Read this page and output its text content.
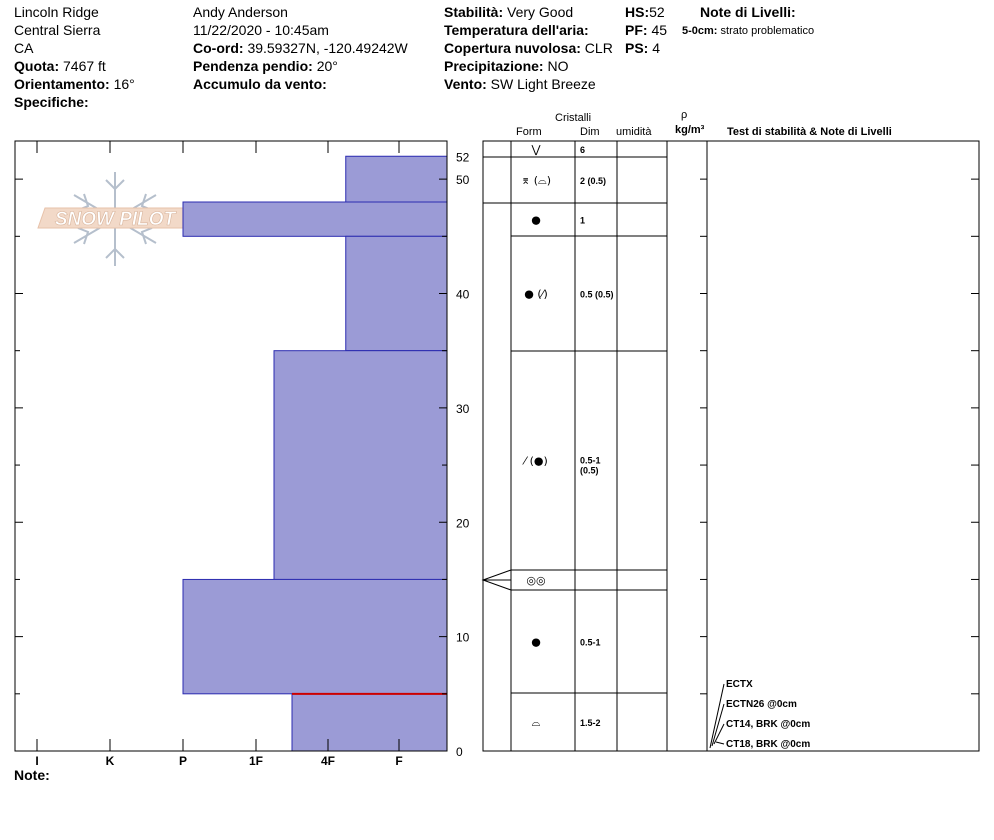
Lincoln Ridge
Central Sierra
CA
Quota: 7467 ft
Orientamento: 16°
Specifiche:
Andy Anderson
11/22/2020 - 10:45am
Co-ord: 39.59327N, -120.49242W
Pendenza pendio: 20°
Accumulo da vento:
Stabilità: Very Good
Temperatura dell'aria:
Copertura nuvolosa: CLR
Precipitazione: NO
Vento: SW Light Breeze
HS:52
PF: 45
PS: 4
Note di Livelli:
5-0cm: strato problematico
Cristalli
Form	Dim umidità
ρ
kg/m³ Test di stabilità & Note di Livelli
SNOW PILOT
0
10
20
30
40
50
52
I	K	P	1F	4F	F
⋁	6
⌆ (⌓)	2 (0.5)
●	1
● (⁄)	0.5 (0.5)
⁄ (●)	0.5-1
(0.5)
◎◎
●	0.5-1
⌓	1.5-2
ECTX
ECTN26 @0cm
CT14, BRK @0cm
CT18, BRK @0cm
Note:
